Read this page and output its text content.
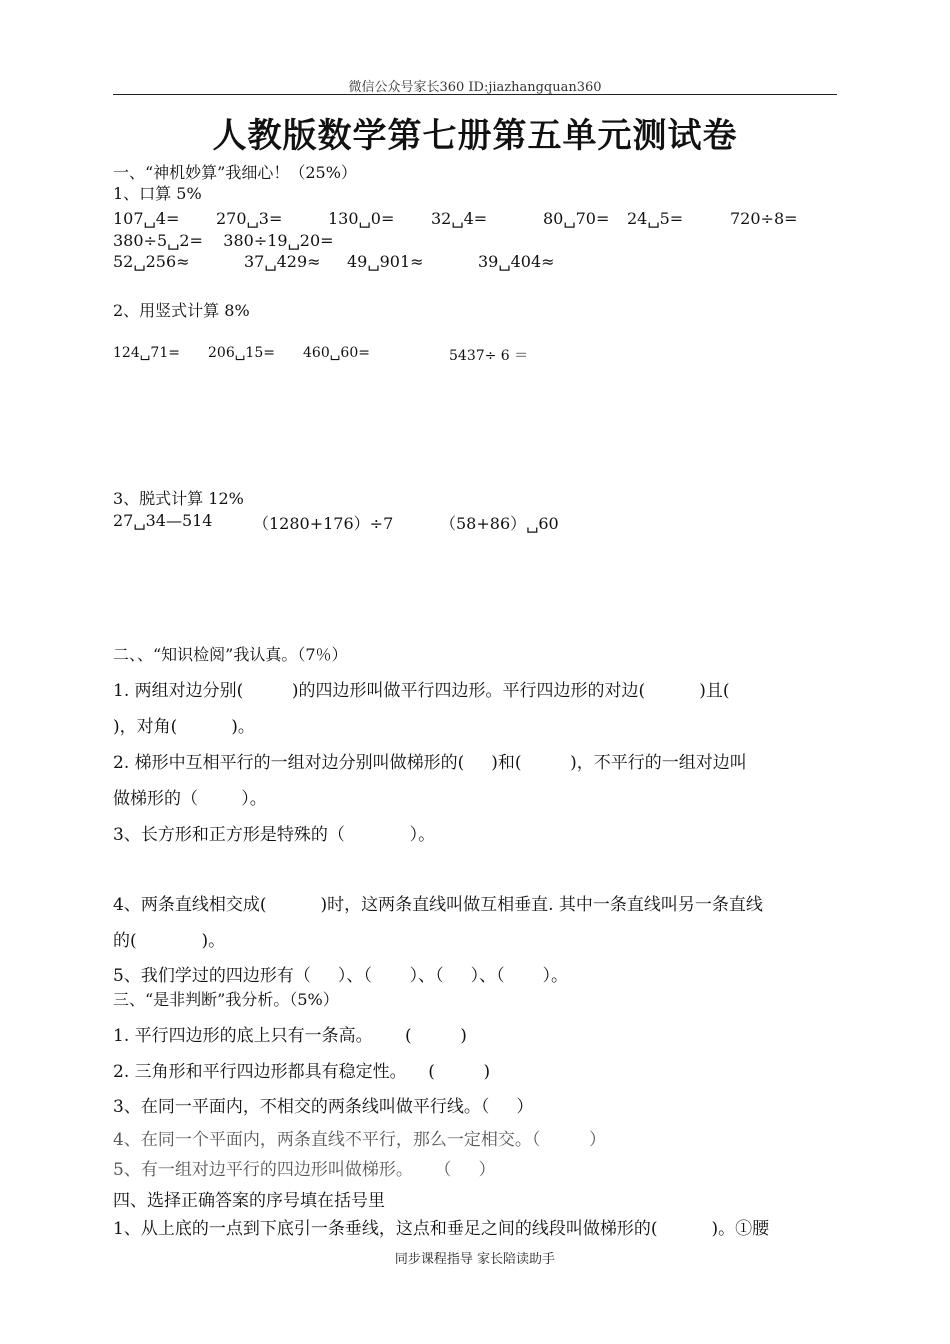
微信公众号家长360 ID:jiazhangquan360
人教版数学第七册第五单元测试卷
一、“神机妙算”我细心！（25%）
1、口算 5%
107␣4= 270␣3=	130␣0= 32␣4=	80␣70= 24␣5=	720÷8=
380÷5␣2=    380÷19␣20=
52␣256≈	37␣429≈ 49␣901≈	39␣404≈
2、用竖式计算 8%
124␣71= 206␣15= 460␣60=	5437÷ 6 ＝
3、脱式计算 12%
27␣34—514	（1280+176）÷7	（58+86）␣60
二、、“知识检阅”我认真。（7％）
1. 两组对边分别(         )的四边形叫做平行四边形。平行四边形的对边(          )且(
)，对角(          )。
2. 梯形中互相平行的一组对边分别叫做梯形的(     )和(         )，不平行的一组对边叫
做梯形的（        ）。
3、长方形和正方形是特殊的（            ）。
4、两条直线相交成(          )时，这两条直线叫做互相垂直. 其中一条直线叫另一条直线
的(            )。
5、我们学过的四边形有（     ）、（       ）、（     ）、（       ）。
三、“是非判断”我分析。（5%）
1. 平行四边形的底上只有一条高。      (         )
2. 三角形和平行四边形都具有稳定性。    (         )
3、在同一平面内，不相交的两条线叫做平行线。（     ）
4、在同一个平面内，两条直线不平行，那么一定相交。（         ）
5、有一组对边平行的四边形叫做梯形。    （     ）
四、选择正确答案的序号填在括号里
1、从上底的一点到下底引一条垂线，这点和垂足之间的线段叫做梯形的(          )。①腰
同步课程指导 家长陪读助手
